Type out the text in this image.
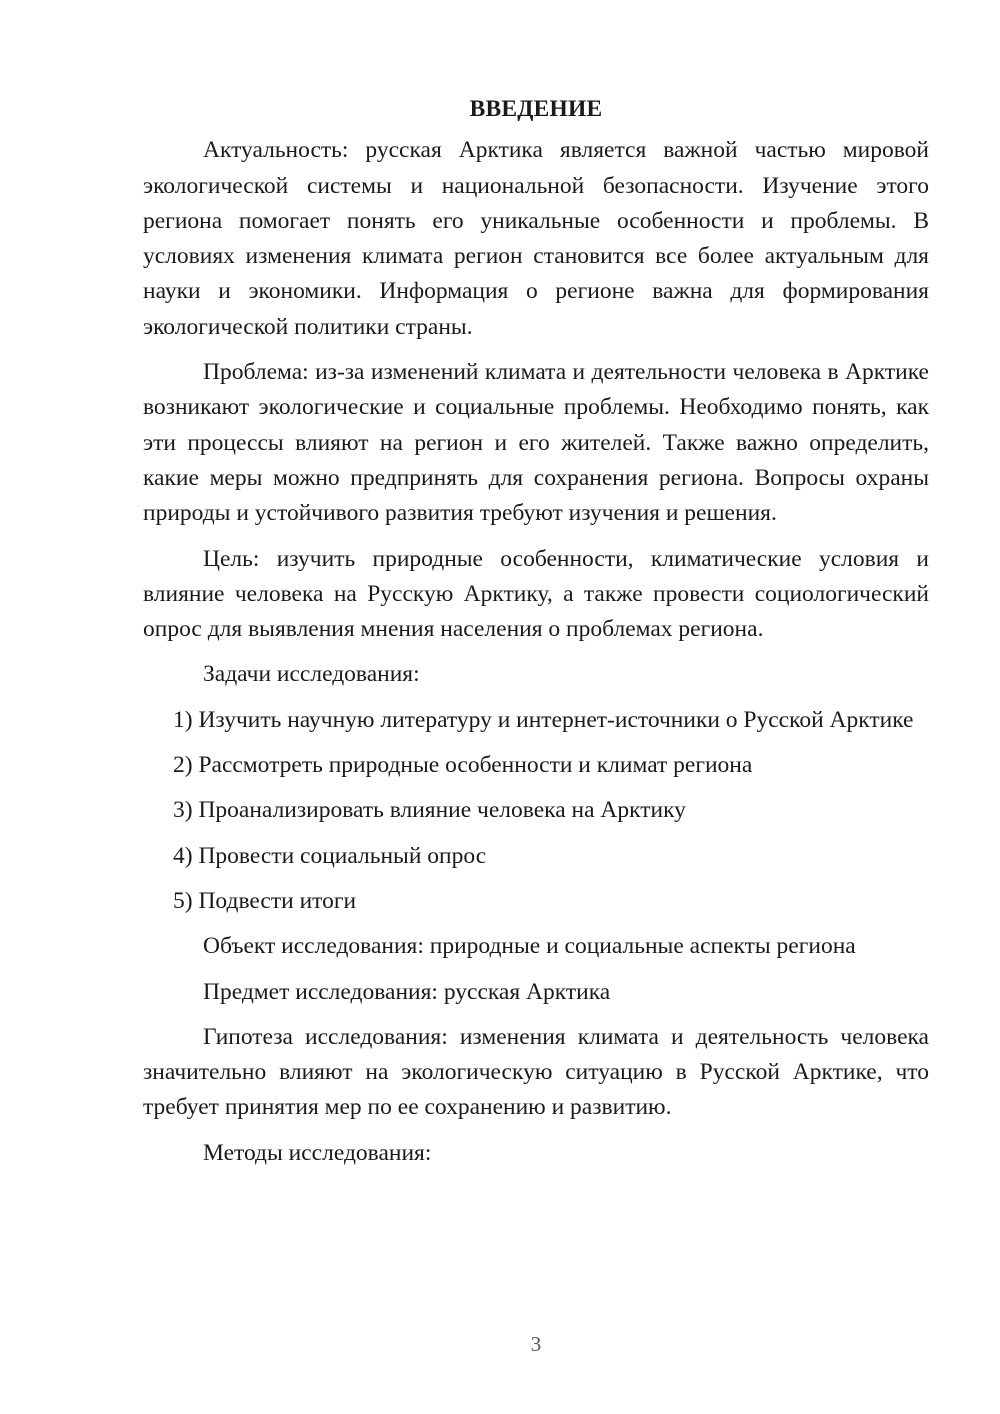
ВВЕДЕНИЕ

Актуальность: русская Арктика является важной частью мировой экологической системы и национальной безопасности. Изучение этого региона помогает понять его уникальные особенности и проблемы. В условиях изменения климата регион становится все более актуальным для науки и экономики. Информация о регионе важна для формирования экологической политики страны.

Проблема: из-за изменений климата и деятельности человека в Арктике возникают экологические и социальные проблемы. Необходимо понять, как эти процессы влияют на регион и его жителей. Также важно определить, какие меры можно предпринять для сохранения региона. Вопросы охраны природы и устойчивого развития требуют изучения и решения.

Цель: изучить природные особенности, климатические условия и влияние человека на Русскую Арктику, а также провести социологический опрос для выявления мнения населения о проблемах региона.

Задачи исследования:

1) Изучить научную литературу и интернет-источники о Русской Арктике

2) Рассмотреть природные особенности и климат региона

3) Проанализировать влияние человека на Арктику

4) Провести социальный опрос

5) Подвести итоги

Объект исследования: природные и социальные аспекты региона

Предмет исследования: русская Арктика

Гипотеза исследования: изменения климата и деятельность человека значительно влияют на экологическую ситуацию в Русской Арктике, что требует принятия мер по ее сохранению и развитию.

Методы исследования:

3
